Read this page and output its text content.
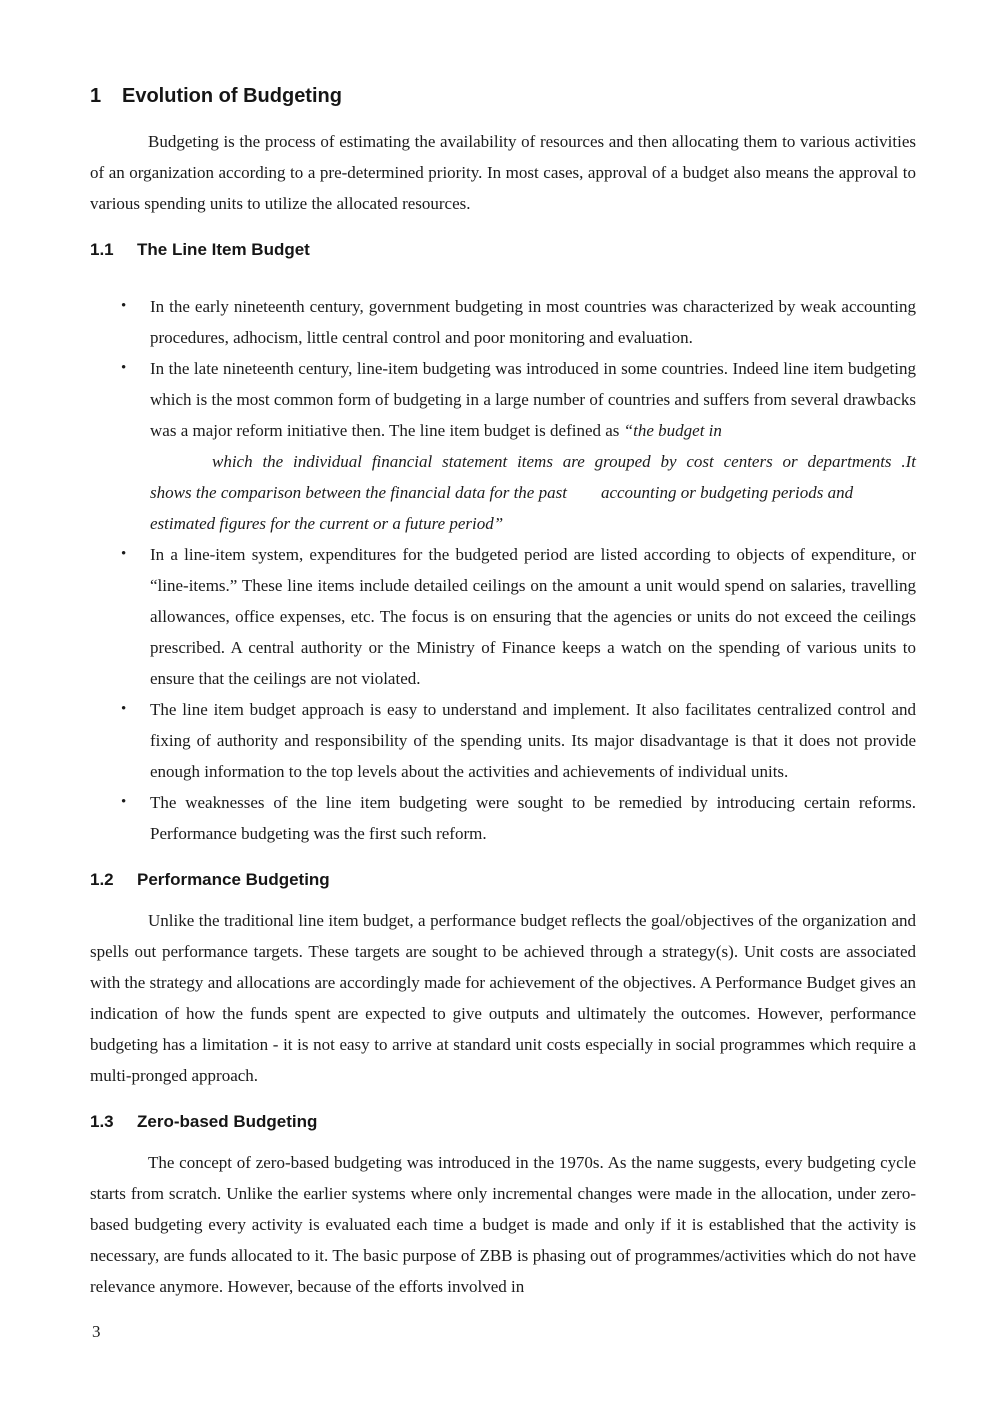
1 Evolution of Budgeting

Budgeting is the process of estimating the availability of resources and then allocating them to various activities of an organization according to a pre-determined priority. In most cases, approval of a budget also means the approval to various spending units to utilize the allocated resources.

1.1 The Line Item Budget
• In the early nineteenth century, government budgeting in most countries was characterized by weak accounting procedures, adhocism, little central control and poor monitoring and evaluation.
• In the late nineteenth century, line-item budgeting was introduced in some countries. Indeed line item budgeting which is the most common form of budgeting in a large number of countries and suffers from several drawbacks was a major reform initiative then. The line item budget is defined as “the budget in
which the individual financial statement items are grouped by cost centers or departments .It
shows the comparison between the financial data for the past        accounting or budgeting periods and
estimated figures for the current or a future period”
• In a line-item system, expenditures for the budgeted period are listed according to objects of expenditure, or “line-items.” These line items include detailed ceilings on the amount a unit would spend on salaries, travelling allowances, office expenses, etc. The focus is on ensuring that the agencies or units do not exceed the ceilings prescribed. A central authority or the Ministry of Finance keeps a watch on the spending of various units to ensure that the ceilings are not violated.
• The line item budget approach is easy to understand and implement. It also facilitates centralized control and fixing of authority and responsibility of the spending units. Its major disadvantage is that it does not provide enough information to the top levels about the activities and achievements of individual units.
• The weaknesses of the line item budgeting were sought to be remedied by introducing certain reforms. Performance budgeting was the first such reform.
1.2 Performance Budgeting

Unlike the traditional line item budget, a performance budget reflects the goal/objectives of the organization and spells out performance targets. These targets are sought to be achieved through a strategy(s). Unit costs are associated with the strategy and allocations are accordingly made for achievement of the objectives. A Performance Budget gives an indication of how the funds spent are expected to give outputs and ultimately the outcomes. However, performance budgeting has a limitation - it is not easy to arrive at standard unit costs especially in social programmes which require a multi-pronged approach.

1.3 Zero-based Budgeting

The concept of zero-based budgeting was introduced in the 1970s. As the name suggests, every budgeting cycle starts from scratch. Unlike the earlier systems where only incremental changes were made in the allocation, under zero-based budgeting every activity is evaluated each time a budget is made and only if it is established that the activity is necessary, are funds allocated to it. The basic purpose of ZBB is phasing out of programmes/activities which do not have relevance anymore. However, because of the efforts involved in

3
